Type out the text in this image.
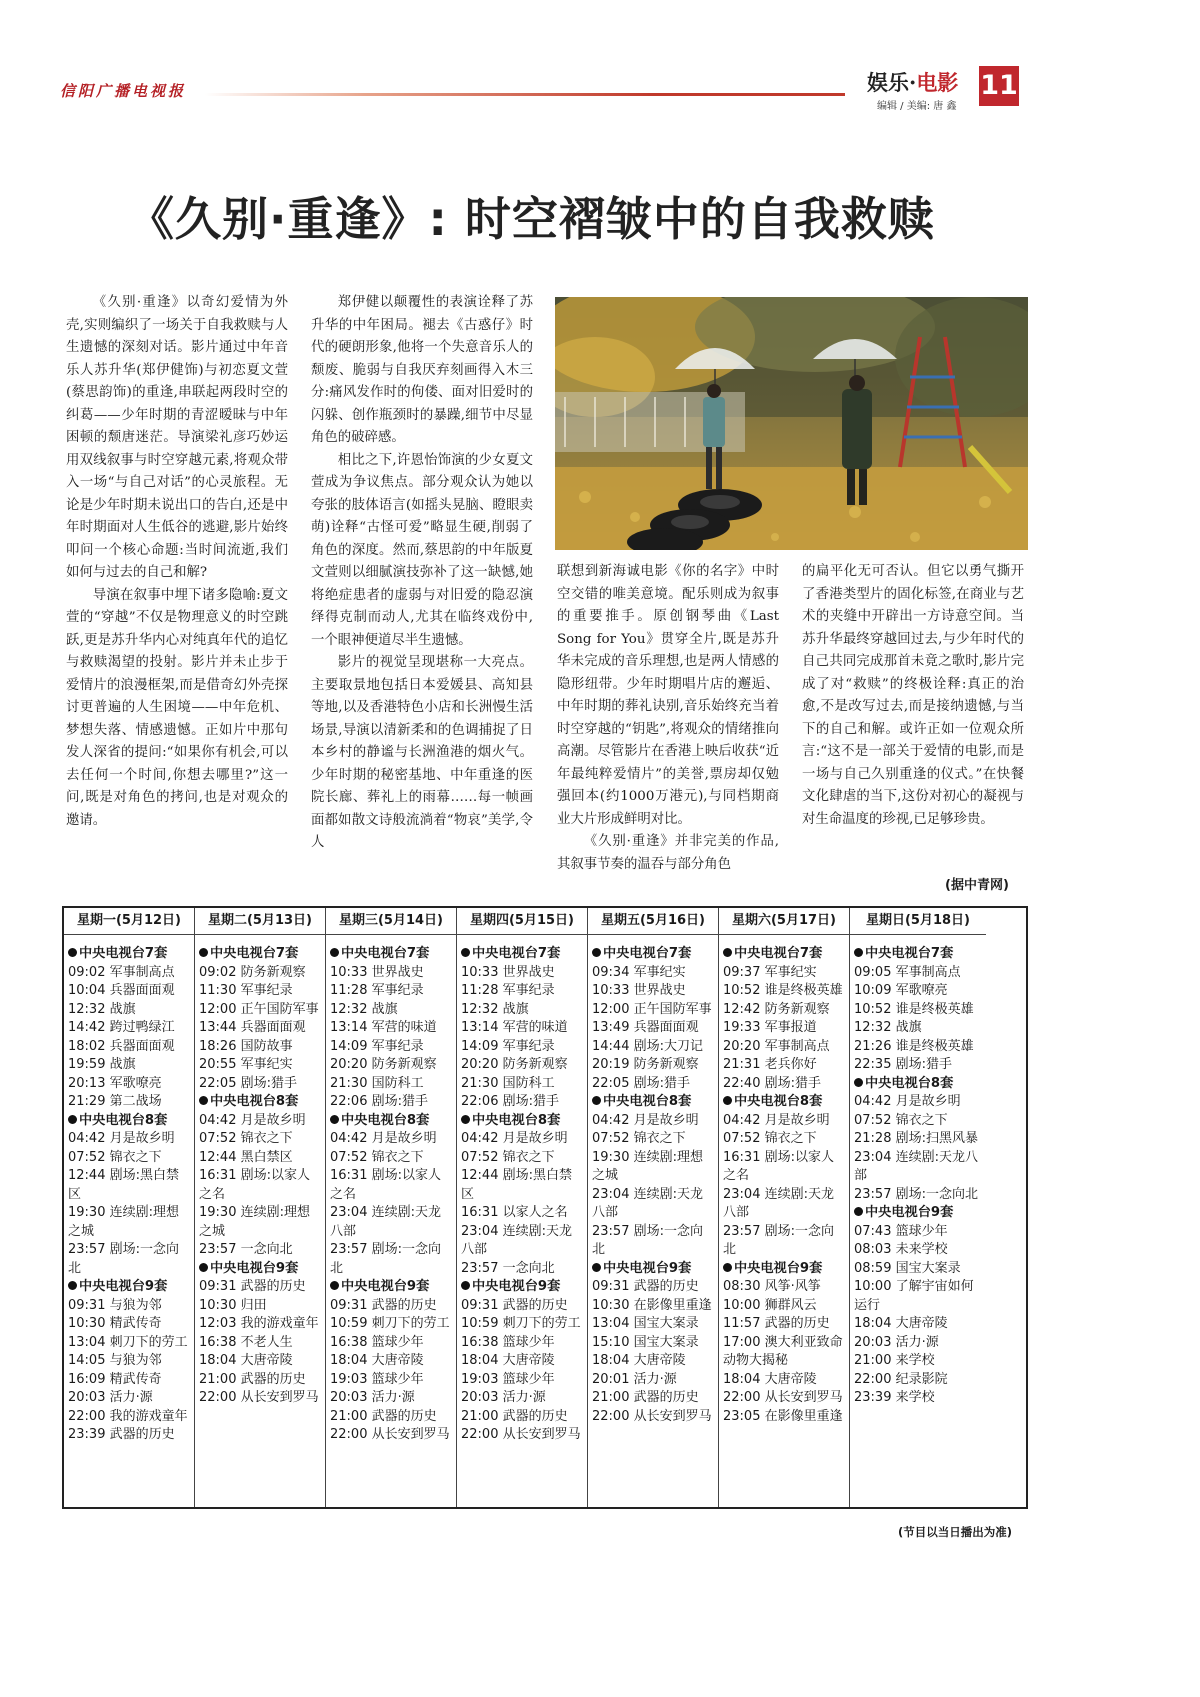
信阳广播电视报	娱乐·电影
编辑 / 美编: 唐 鑫
11
《久别·重逢》: 时空褶皱中的自我救赎

《久别·重逢》以奇幻爱情为外壳,实则编织了一场关于自我救赎与人生遗憾的深刻对话。影片通过中年音乐人苏升华(郑伊健饰)与初恋夏文萱(蔡思韵饰)的重逢,串联起两段时空的纠葛——少年时期的青涩暧昧与中年困顿的颓唐迷茫。导演梁礼彦巧妙运用双线叙事与时空穿越元素,将观众带入一场“与自己对话”的心灵旅程。无论是少年时期未说出口的告白,还是中年时期面对人生低谷的逃避,影片始终叩问一个核心命题:当时间流逝,我们如何与过去的自己和解?

导演在叙事中埋下诸多隐喻:夏文萱的“穿越”不仅是物理意义的时空跳跃,更是苏升华内心对纯真年代的追忆与救赎渴望的投射。影片并未止步于爱情片的浪漫框架,而是借奇幻外壳探讨更普遍的人生困境——中年危机、梦想失落、情感遗憾。正如片中那句发人深省的提问:“如果你有机会,可以去任何一个时间,你想去哪里?”这一问,既是对角色的拷问,也是对观众的邀请。

郑伊健以颠覆性的表演诠释了苏升华的中年困局。褪去《古惑仔》时代的硬朗形象,他将一个失意音乐人的颓废、脆弱与自我厌弃刻画得入木三分:痛风发作时的佝偻、面对旧爱时的闪躲、创作瓶颈时的暴躁,细节中尽显角色的破碎感。

相比之下,许恩怡饰演的少女夏文萱成为争议焦点。部分观众认为她以夸张的肢体语言(如摇头晃脑、瞪眼卖萌)诠释“古怪可爱”略显生硬,削弱了角色的深度。然而,蔡思韵的中年版夏文萱则以细腻演技弥补了这一缺憾,她将绝症患者的虚弱与对旧爱的隐忍演绎得克制而动人,尤其在临终戏份中,一个眼神便道尽半生遗憾。

影片的视觉呈现堪称一大亮点。主要取景地包括日本爱媛县、高知县等地,以及香港特色小店和长洲慢生活场景,导演以清新柔和的色调捕捉了日本乡村的静谧与长洲渔港的烟火气。少年时期的秘密基地、中年重逢的医院长廊、葬礼上的雨幕……每一帧画面都如散文诗般流淌着“物哀”美学,令人

联想到新海诚电影《你的名字》中时空交错的唯美意境。配乐则成为叙事的重要推手。原创钢琴曲《Last Song for You》贯穿全片,既是苏升华未完成的音乐理想,也是两人情感的隐形纽带。少年时期唱片店的邂逅、中年时期的葬礼诀别,音乐始终充当着时空穿越的“钥匙”,将观众的情绪推向高潮。尽管影片在香港上映后收获“近年最纯粹爱情片”的美誉,票房却仅勉强回本(约1000万港元),与同档期商业大片形成鲜明对比。

《久别·重逢》并非完美的作品,其叙事节奏的温吞与部分角色

的扁平化无可否认。但它以勇气撕开了香港类型片的固化标签,在商业与艺术的夹缝中开辟出一方诗意空间。当苏升华最终穿越回过去,与少年时代的自己共同完成那首未竟之歌时,影片完成了对“救赎”的终极诠释:真正的治愈,不是改写过去,而是接纳遗憾,与当下的自己和解。或许正如一位观众所言:“这不是一部关于爱情的电影,而是一场与自己久别重逢的仪式。”在快餐文化肆虐的当下,这份对初心的凝视与对生命温度的珍视,已足够珍贵。

(据中青网)
星期一(5月12日)
中央电视台7套
09:02 军事制高点
10:04 兵器面面观
12:32 战旗
14:42 跨过鸭绿江
18:02 兵器面面观
19:59 战旗
20:13 军歌嘹亮
21:29 第二战场
中央电视台8套
04:42 月是故乡明
07:52 锦衣之下
12:44 剧场:黑白禁区
19:30 连续剧:理想之城
23:57 剧场:一念向北
中央电视台9套
09:31 与狼为邻
10:30 精武传奇
13:04 刺刀下的劳工
14:05 与狼为邻
16:09 精武传奇
20:03 活力·源
22:00 我的游戏童年
23:39 武器的历史
星期二(5月13日)
中央电视台7套
09:02 防务新观察
11:30 军事纪录
12:00 正午国防军事
13:44 兵器面面观
18:26 国防故事
20:55 军事纪实
22:05 剧场:猎手
中央电视台8套
04:42 月是故乡明
07:52 锦衣之下
12:44 黑白禁区
16:31 剧场:以家人之名
19:30 连续剧:理想之城
23:57 一念向北
中央电视台9套
09:31 武器的历史
10:30 归田
12:03 我的游戏童年
16:38 不老人生
18:04 大唐帝陵
21:00 武器的历史
22:00 从长安到罗马
星期三(5月14日)
中央电视台7套
10:33 世界战史
11:28 军事纪录
12:32 战旗
13:14 军营的味道
14:09 军事纪录
20:20 防务新观察
21:30 国防科工
22:06 剧场:猎手
中央电视台8套
04:42 月是故乡明
07:52 锦衣之下
16:31 剧场:以家人之名
23:04 连续剧:天龙八部
23:57 剧场:一念向北
中央电视台9套
09:31 武器的历史
10:59 刺刀下的劳工
16:38 篮球少年
18:04 大唐帝陵
19:03 篮球少年
20:03 活力·源
21:00 武器的历史
22:00 从长安到罗马
星期四(5月15日)
中央电视台7套
10:33 世界战史
11:28 军事纪录
12:32 战旗
13:14 军营的味道
14:09 军事纪录
20:20 防务新观察
21:30 国防科工
22:06 剧场:猎手
中央电视台8套
04:42 月是故乡明
07:52 锦衣之下
12:44 剧场:黑白禁区
16:31 以家人之名
23:04 连续剧:天龙八部
23:57 一念向北
中央电视台9套
09:31 武器的历史
10:59 刺刀下的劳工
16:38 篮球少年
18:04 大唐帝陵
19:03 篮球少年
20:03 活力·源
21:00 武器的历史
22:00 从长安到罗马
星期五(5月16日)
中央电视台7套
09:34 军事纪实
10:33 世界战史
12:00 正午国防军事
13:49 兵器面面观
14:44 剧场:大刀记
20:19 防务新观察
22:05 剧场:猎手
中央电视台8套
04:42 月是故乡明
07:52 锦衣之下
19:30 连续剧:理想之城
23:04 连续剧:天龙八部
23:57 剧场:一念向北
中央电视台9套
09:31 武器的历史
10:30 在影像里重逢
13:04 国宝大案录
15:10 国宝大案录
18:04 大唐帝陵
20:01 活力·源
21:00 武器的历史
22:00 从长安到罗马
星期六(5月17日)
中央电视台7套
09:37 军事纪实
10:52 谁是终极英雄
12:42 防务新观察
19:33 军事报道
20:20 军事制高点
21:31 老兵你好
22:40 剧场:猎手
中央电视台8套
04:42 月是故乡明
07:52 锦衣之下
16:31 剧场:以家人之名
23:04 连续剧:天龙八部
23:57 剧场:一念向北
中央电视台9套
08:30 风筝·风筝
10:00 狮群风云
11:57 武器的历史
17:00 澳大利亚致命动物大揭秘
18:04 大唐帝陵
22:00 从长安到罗马
23:05 在影像里重逢
星期日(5月18日)
中央电视台7套
09:05 军事制高点
10:09 军歌嘹亮
10:52 谁是终极英雄
12:32 战旗
21:26 谁是终极英雄
22:35 剧场:猎手
中央电视台8套
04:42 月是故乡明
07:52 锦衣之下
21:28 剧场:扫黑风暴
23:04 连续剧:天龙八部
23:57 剧场:一念向北
中央电视台9套
07:43 篮球少年
08:03 未来学校
08:59 国宝大案录
10:00 了解宇宙如何运行
18:04 大唐帝陵
20:03 活力·源
21:00 来学校
22:00 纪录影院
23:39 来学校
(节目以当日播出为准)
